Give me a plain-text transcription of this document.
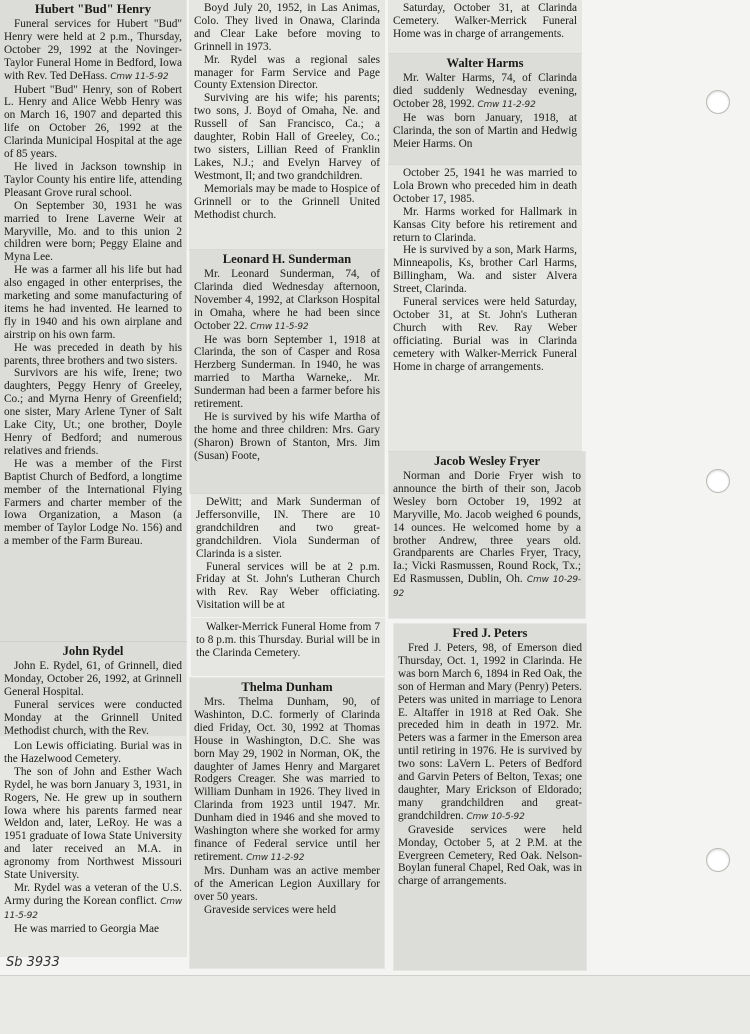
Hubert "Bud" Henry

Funeral services for Hubert "Bud" Henry were held at 2 p.m., Thursday, October 29, 1992 at the Novinger-Taylor Funeral Home in Bedford, Iowa with Rev. Ted DeHass. Cmw 11-5-92

Hubert "Bud" Henry, son of Robert L. Henry and Alice Webb Henry was on March 16, 1907 and departed this life on October 26, 1992 at the Clarinda Municipal Hospital at the age of 85 years.

He lived in Jackson township in Taylor County his entire life, attending Pleasant Grove rural school.

On September 30, 1931 he was married to Irene Laverne Weir at Maryville, Mo. and to this union 2 children were born; Peggy Elaine and Myna Lee.

He was a farmer all his life but had also engaged in other enterprises, the marketing and some manufacturing of items he had invented. He learned to fly in 1940 and his own airplane and airstrip on his own farm.

He was preceded in death by his parents, three brothers and two sisters.

Survivors are his wife, Irene; two daughters, Peggy Henry of Greeley, Co.; and Myrna Henry of Greenfield; one sister, Mary Arlene Tyner of Salt Lake City, Ut.; one brother, Doyle Henry of Bedford; and numerous relatives and friends.

He was a member of the First Baptist Church of Bedford, a longtime member of the International Flying Farmers and charter member of the Iowa Organization, a Mason (a member of Taylor Lodge No. 156) and a member of the Farm Bureau.

John Rydel

John E. Rydel, 61, of Grinnell, died Monday, October 26, 1992, at Grinnell General Hospital.

Funeral services were conducted Monday at the Grinnell United Methodist church, with the Rev.

Lon Lewis officiating. Burial was in the Hazelwood Cemetery.

The son of John and Esther Wach Rydel, he was born January 3, 1931, in Rogers, Ne. He grew up in southern Iowa where his parents farmed near Weldon and, later, LeRoy. He was a 1951 graduate of Iowa State University and later received an M.A. in agronomy from Northwest Missouri State University.

Mr. Rydel was a veteran of the U.S. Army during the Korean conflict. Cmw 11-5-92

He was married to Georgia Mae

Boyd July 20, 1952, in Las Animas, Colo. They lived in Onawa, Clarinda and Clear Lake before moving to Grinnell in 1973.

Mr. Rydel was a regional sales manager for Farm Service and Page County Extension Director.

Surviving are his wife; his parents; two sons, J. Boyd of Omaha, Ne. and Russell of San Francisco, Ca.; a daughter, Robin Hall of Greeley, Co.; two sisters, Lillian Reed of Franklin Lakes, N.J.; and Evelyn Harvey of Westmont, Il; and two grandchildren.

Memorials may be made to Hospice of Grinnell or to the Grinnell United Methodist church.

Leonard H. Sunderman

Mr. Leonard Sunderman, 74, of Clarinda died Wednesday afternoon, November 4, 1992, at Clarkson Hospital in Omaha, where he had been since October 22. Cmw 11-5-92

He was born September 1, 1918 at Clarinda, the son of Casper and Rosa Herzberg Sunderman. In 1940, he was married to Martha Warneke,. Mr. Sunderman had been a farmer before his retirement.

He is survived by his wife Martha of the home and three children: Mrs. Gary (Sharon) Brown of Stanton, Mrs. Jim (Susan) Foote,

DeWitt; and Mark Sunderman of Jeffersonville, IN. There are 10 grandchildren and two great-grandchildren. Viola Sunderman of Clarinda is a sister.

Funeral services will be at 2 p.m. Friday at St. John's Lutheran Church with Rev. Ray Weber officiating. Visitation will be at

Walker-Merrick Funeral Home from 7 to 8 p.m. this Thursday. Burial will be in the Clarinda Cemetery.

Thelma Dunham

Mrs. Thelma Dunham, 90, of Washinton, D.C. formerly of Clarinda died Friday, Oct. 30, 1992 at Thomas House in Washington, D.C. She was born May 29, 1902 in Norman, OK, the daughter of James Henry and Margaret Rodgers Creager. She was married to William Dunham in 1926. They lived in Clarinda from 1923 until 1947. Mr. Dunham died in 1946 and she moved to Washington where she worked for army finance of Federal service until her retirement. Cmw 11-2-92

Mrs. Dunham was an active member of the American Legion Auxillary for over 50 years.

Graveside services were held

Saturday, October 31, at Clarinda Cemetery. Walker-Merrick Funeral Home was in charge of arrangements.

Walter Harms

Mr. Walter Harms, 74, of Clarinda died suddenly Wednesday evening, October 28, 1992. Cmw 11-2-92

He was born January, 1918, at Clarinda, the son of Martin and Hedwig Meier Harms. On

October 25, 1941 he was married to Lola Brown who preceded him in death October 17, 1985.

Mr. Harms worked for Hallmark in Kansas City before his retirement and return to Clarinda.

He is survived by a son, Mark Harms, Minneapolis, Ks, brother Carl Harms, Billingham, Wa. and sister Alvera Street, Clarinda.

Funeral services were held Saturday, October 31, at St. John's Lutheran Church with Rev. Ray Weber officiating. Burial was in Clarinda cemetery with Walker-Merrick Funeral Home in charge of arrangements.

Jacob Wesley Fryer

Norman and Dorie Fryer wish to announce the birth of their son, Jacob Wesley born October 19, 1992 at Maryville, Mo. Jacob weighed 6 pounds, 14 ounces. He welcomed home by a brother Andrew, three years old. Grandparents are Charles Fryer, Tracy, Ia.; Vicki Rasmussen, Round Rock, Tx.; Ed Rasmussen, Dublin, Oh. Cmw 10-29-92

Fred J. Peters

Fred J. Peters, 98, of Emerson died Thursday, Oct. 1, 1992 in Clarinda. He was born March 6, 1894 in Red Oak, the son of Herman and Mary (Penry) Peters. Peters was united in marriage to Lenora E. Altaffer in 1918 at Red Oak. She preceded him in death in 1972. Mr. Peters was a farmer in the Emerson area until retiring in 1976. He is survived by two sons: LaVern L. Peters of Bedford and Garvin Peters of Belton, Texas; one daughter, Mary Erickson of Eldorado; many grandchildren and great-grandchildren. Cmw 10-5-92

Graveside services were held Monday, October 5, at 2 P.M. at the Evergreen Cemetery, Red Oak. Nelson-Boylan funeral Chapel, Red Oak, was in charge of arrangements.

Sb 3933
